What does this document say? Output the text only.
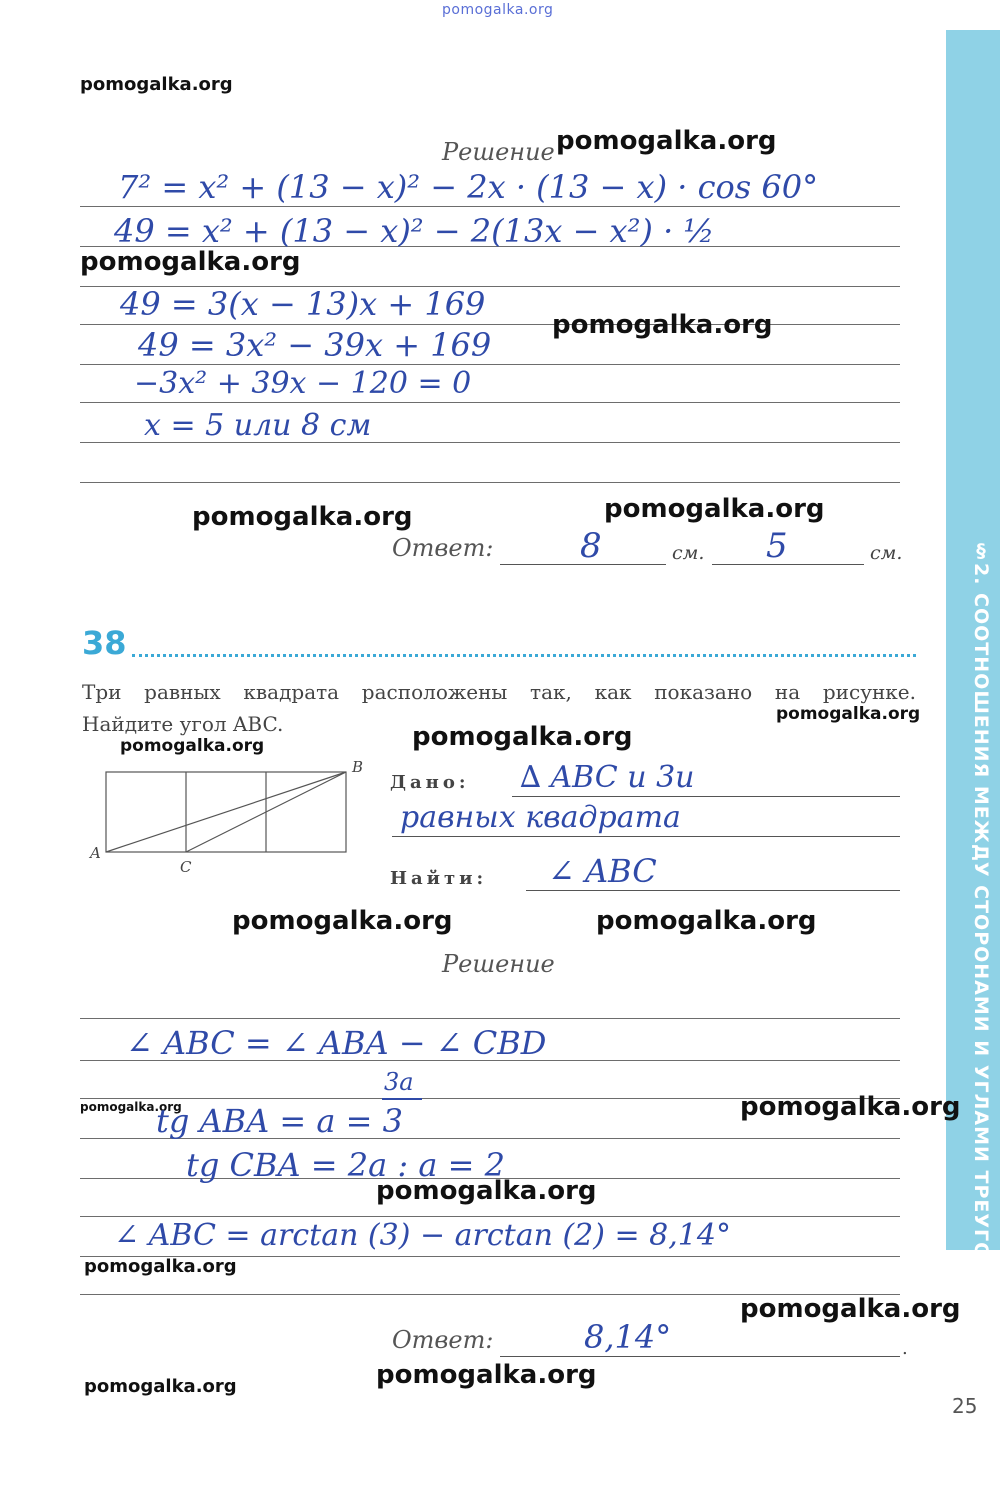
§2. СООТНОШЕНИЯ МЕЖДУ СТОРОНАМИ И УГЛАМИ ТРЕУГОЛЬНИКА
pomogalka.org
pomogalka.org
Решение pomogalka.org
7² = x² + (13 − x)² − 2x · (13 − x) · cos 60°
49 = x² + (13 − x)² − 2(13x − x²) · ½
pomogalka.org
49 = 3(x − 13)x + 169
49 = 3x² − 39x + 169
pomogalka.org
−3x² + 39x − 120 = 0
x = 5 или 8 см
pomogalka.org	pomogalka.org
Ответ:	8	см. 5	см.
38
Три равных квадрата расположены так, как показано на рисунке.
Найдите угол ABC.	pomogalka.org
pomogalka.org	pomogalka.org
A
B
C
Дано: ∆ ABC и 3и
равных квадрата
Найти: ∠ ABC
pomogalka.org	pomogalka.org
Решение
∠ ABC = ∠ ABA − ∠ CBD
3a
pomogalka.org
tg ABA = a = 3	pomogalka.org
tg CBA = 2a : a = 2
pomogalka.org
∠ ABC = arctan (3) − arctan (2) = 8,14°
pomogalka.org
pomogalka.org
Ответ:	8,14°	.
pomogalka.org
pomogalka.org
25
